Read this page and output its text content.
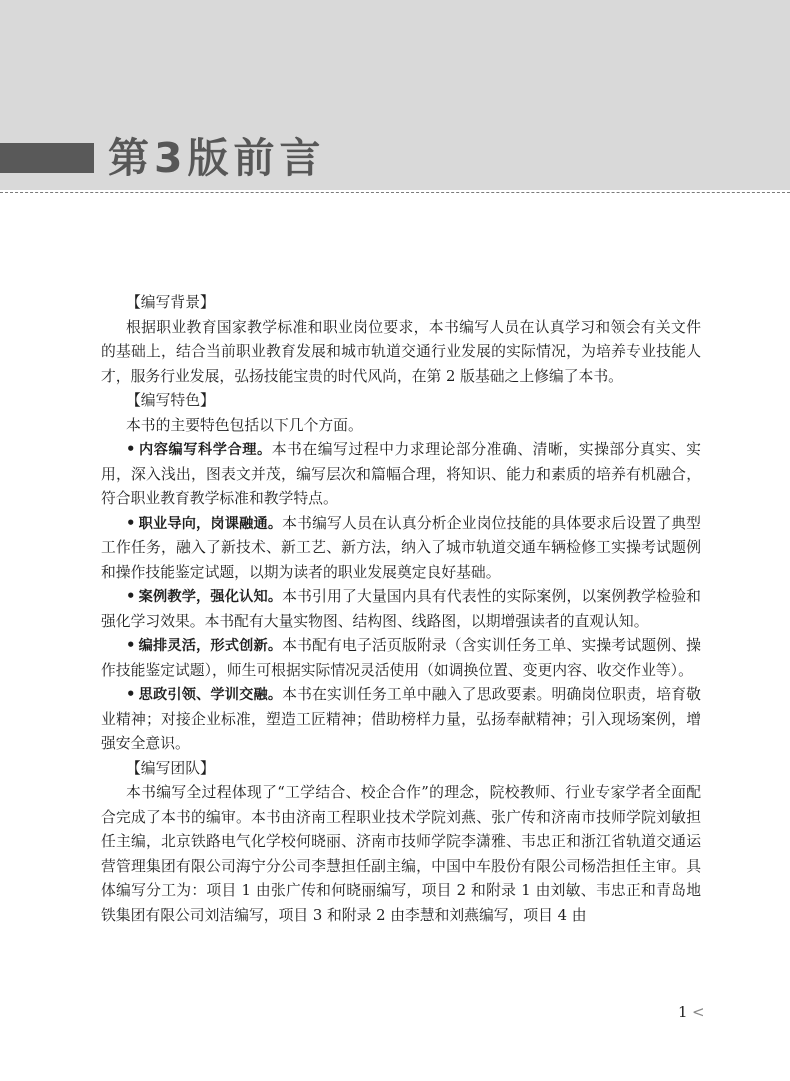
第3版前言

【编写背景】

根据职业教育国家教学标准和职业岗位要求，本书编写人员在认真学习和领会有关文件的基础上，结合当前职业教育发展和城市轨道交通行业发展的实际情况，为培养专业技能人才，服务行业发展，弘扬技能宝贵的时代风尚，在第 2 版基础之上修编了本书。

【编写特色】

本书的主要特色包括以下几个方面。

• 内容编写科学合理。本书在编写过程中力求理论部分准确、清晰，实操部分真实、实用，深入浅出，图表文并茂，编写层次和篇幅合理，将知识、能力和素质的培养有机融合，符合职业教育教学标准和教学特点。

• 职业导向，岗课融通。本书编写人员在认真分析企业岗位技能的具体要求后设置了典型工作任务，融入了新技术、新工艺、新方法，纳入了城市轨道交通车辆检修工实操考试题例和操作技能鉴定试题，以期为读者的职业发展奠定良好基础。

• 案例教学，强化认知。本书引用了大量国内具有代表性的实际案例，以案例教学检验和强化学习效果。本书配有大量实物图、结构图、线路图，以期增强读者的直观认知。

• 编排灵活，形式创新。本书配有电子活页版附录（含实训任务工单、实操考试题例、操作技能鉴定试题），师生可根据实际情况灵活使用（如调换位置、变更内容、收交作业等）。

• 思政引领、学训交融。本书在实训任务工单中融入了思政要素。明确岗位职责，培育敬业精神；对接企业标准，塑造工匠精神；借助榜样力量，弘扬奉献精神；引入现场案例，增强安全意识。

【编写团队】

本书编写全过程体现了“工学结合、校企合作”的理念，院校教师、行业专家学者全面配合完成了本书的编审。本书由济南工程职业技术学院刘燕、张广传和济南市技师学院刘敏担任主编，北京铁路电气化学校何晓丽、济南市技师学院李潇雅、韦忠正和浙江省轨道交通运营管理集团有限公司海宁分公司李慧担任副主编，中国中车股份有限公司杨浩担任主审。具体编写分工为：项目 1 由张广传和何晓丽编写，项目 2 和附录 1 由刘敏、韦忠正和青岛地铁集团有限公司刘洁编写，项目 3 和附录 2 由李慧和刘燕编写，项目 4 由

1 <
